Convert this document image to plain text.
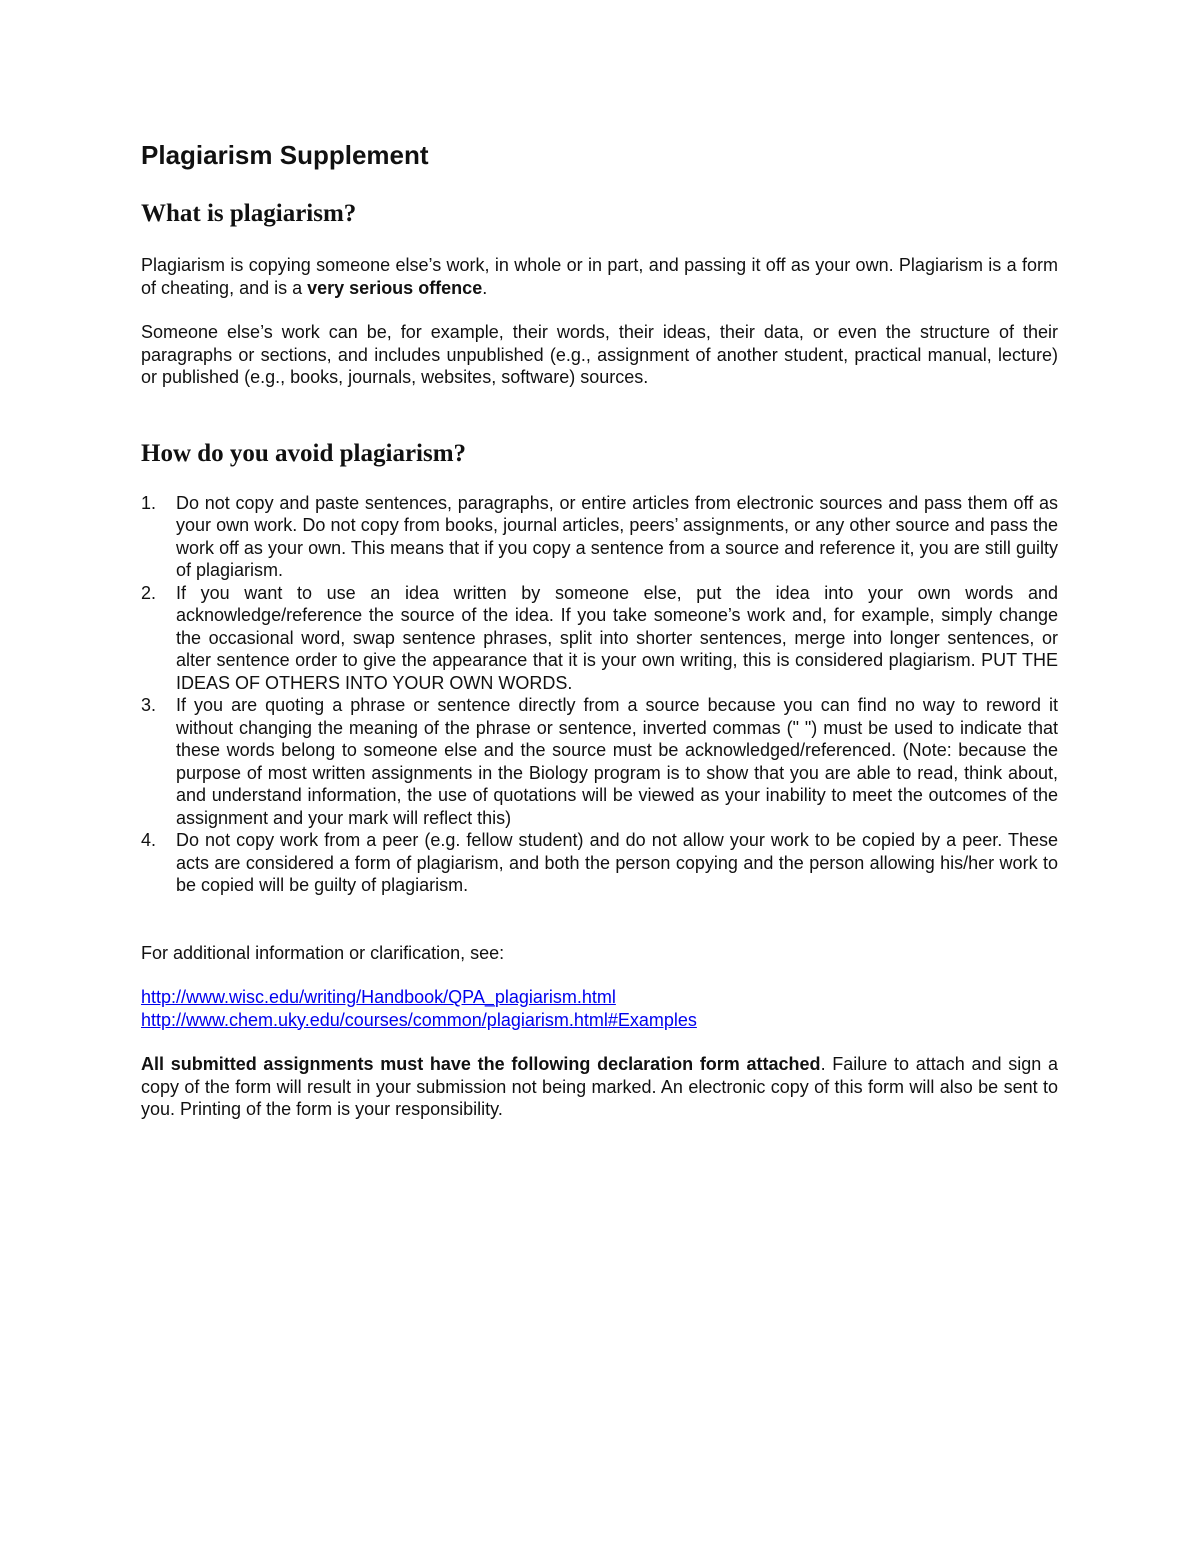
Plagiarism Supplement
What is plagiarism?

Plagiarism is copying someone else’s work, in whole or in part, and passing it off as your own. Plagiarism is a form of cheating, and is a very serious offence.

Someone else’s work can be, for example, their words, their ideas, their data, or even the structure of their paragraphs or sections, and includes unpublished (e.g., assignment of another student, practical manual, lecture) or published (e.g., books, journals, websites, software) sources.

How do you avoid plagiarism?
1. Do not copy and paste sentences, paragraphs, or entire articles from electronic sources and pass them off as your own work. Do not copy from books, journal articles, peers’ assignments, or any other source and pass the work off as your own. This means that if you copy a sentence from a source and reference it, you are still guilty of plagiarism.
2. If you want to use an idea written by someone else, put the idea into your own words and acknowledge/reference the source of the idea. If you take someone’s work and, for example, simply change the occasional word, swap sentence phrases, split into shorter sentences, merge into longer sentences, or alter sentence order to give the appearance that it is your own writing, this is considered plagiarism. PUT THE IDEAS OF OTHERS INTO YOUR OWN WORDS.
3. If you are quoting a phrase or sentence directly from a source because you can find no way to reword it without changing the meaning of the phrase or sentence, inverted commas (" ") must be used to indicate that these words belong to someone else and the source must be acknowledged/referenced. (Note: because the purpose of most written assignments in the Biology program is to show that you are able to read, think about, and understand information, the use of quotations will be viewed as your inability to meet the outcomes of the assignment and your mark will reflect this)
4. Do not copy work from a peer (e.g. fellow student) and do not allow your work to be copied by a peer. These acts are considered a form of plagiarism, and both the person copying and the person allowing his/her work to be copied will be guilty of plagiarism.

For additional information or clarification, see:

http://www.wisc.edu/writing/Handbook/QPA_plagiarism.html
http://www.chem.uky.edu/courses/common/plagiarism.html#Examples

All submitted assignments must have the following declaration form attached. Failure to attach and sign a copy of the form will result in your submission not being marked. An electronic copy of this form will also be sent to you. Printing of the form is your responsibility.
